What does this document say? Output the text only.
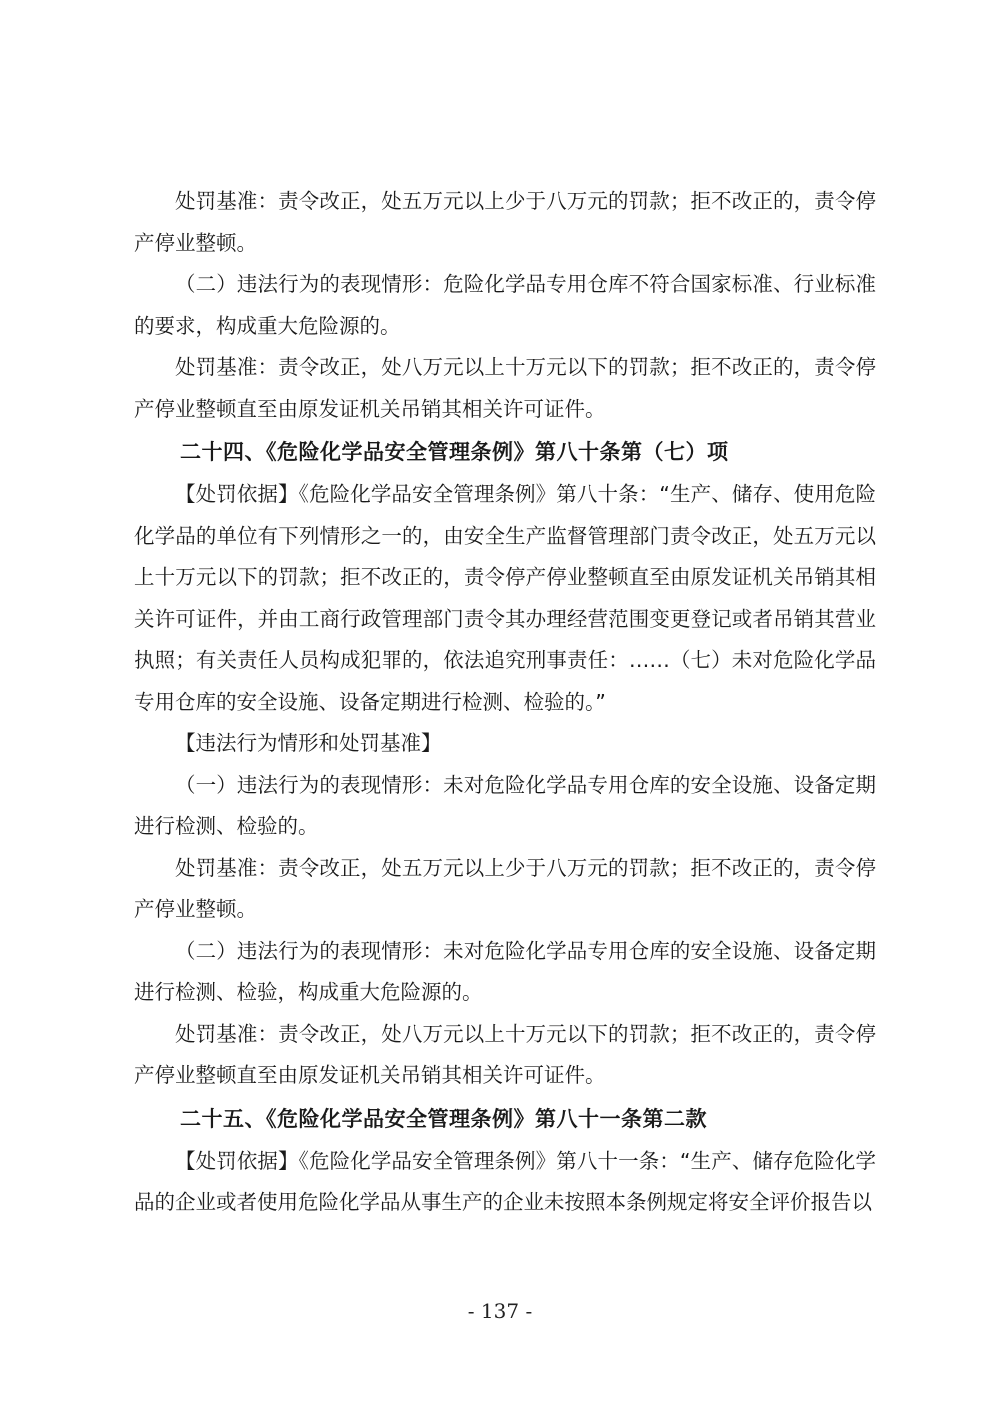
处罚基准：责令改正，处五万元以上少于八万元的罚款；拒不改正的，责令停产停业整顿。

（二）违法行为的表现情形：危险化学品专用仓库不符合国家标准、行业标准的要求，构成重大危险源的。

处罚基准：责令改正，处八万元以上十万元以下的罚款；拒不改正的，责令停产停业整顿直至由原发证机关吊销其相关许可证件。

二十四、《危险化学品安全管理条例》第八十条第（七）项

【处罚依据】《危险化学品安全管理条例》第八十条：“生产、储存、使用危险化学品的单位有下列情形之一的，由安全生产监督管理部门责令改正，处五万元以上十万元以下的罚款；拒不改正的，责令停产停业整顿直至由原发证机关吊销其相关许可证件，并由工商行政管理部门责令其办理经营范围变更登记或者吊销其营业执照；有关责任人员构成犯罪的，依法追究刑事责任：……（七）未对危险化学品专用仓库的安全设施、设备定期进行检测、检验的。”

【违法行为情形和处罚基准】

（一）违法行为的表现情形：未对危险化学品专用仓库的安全设施、设备定期进行检测、检验的。

处罚基准：责令改正，处五万元以上少于八万元的罚款；拒不改正的，责令停产停业整顿。

（二）违法行为的表现情形：未对危险化学品专用仓库的安全设施、设备定期进行检测、检验，构成重大危险源的。

处罚基准：责令改正，处八万元以上十万元以下的罚款；拒不改正的，责令停产停业整顿直至由原发证机关吊销其相关许可证件。

二十五、《危险化学品安全管理条例》第八十一条第二款

【处罚依据】《危险化学品安全管理条例》第八十一条：“生产、储存危险化学品的企业或者使用危险化学品从事生产的企业未按照本条例规定将安全评价报告以

- 137 -
